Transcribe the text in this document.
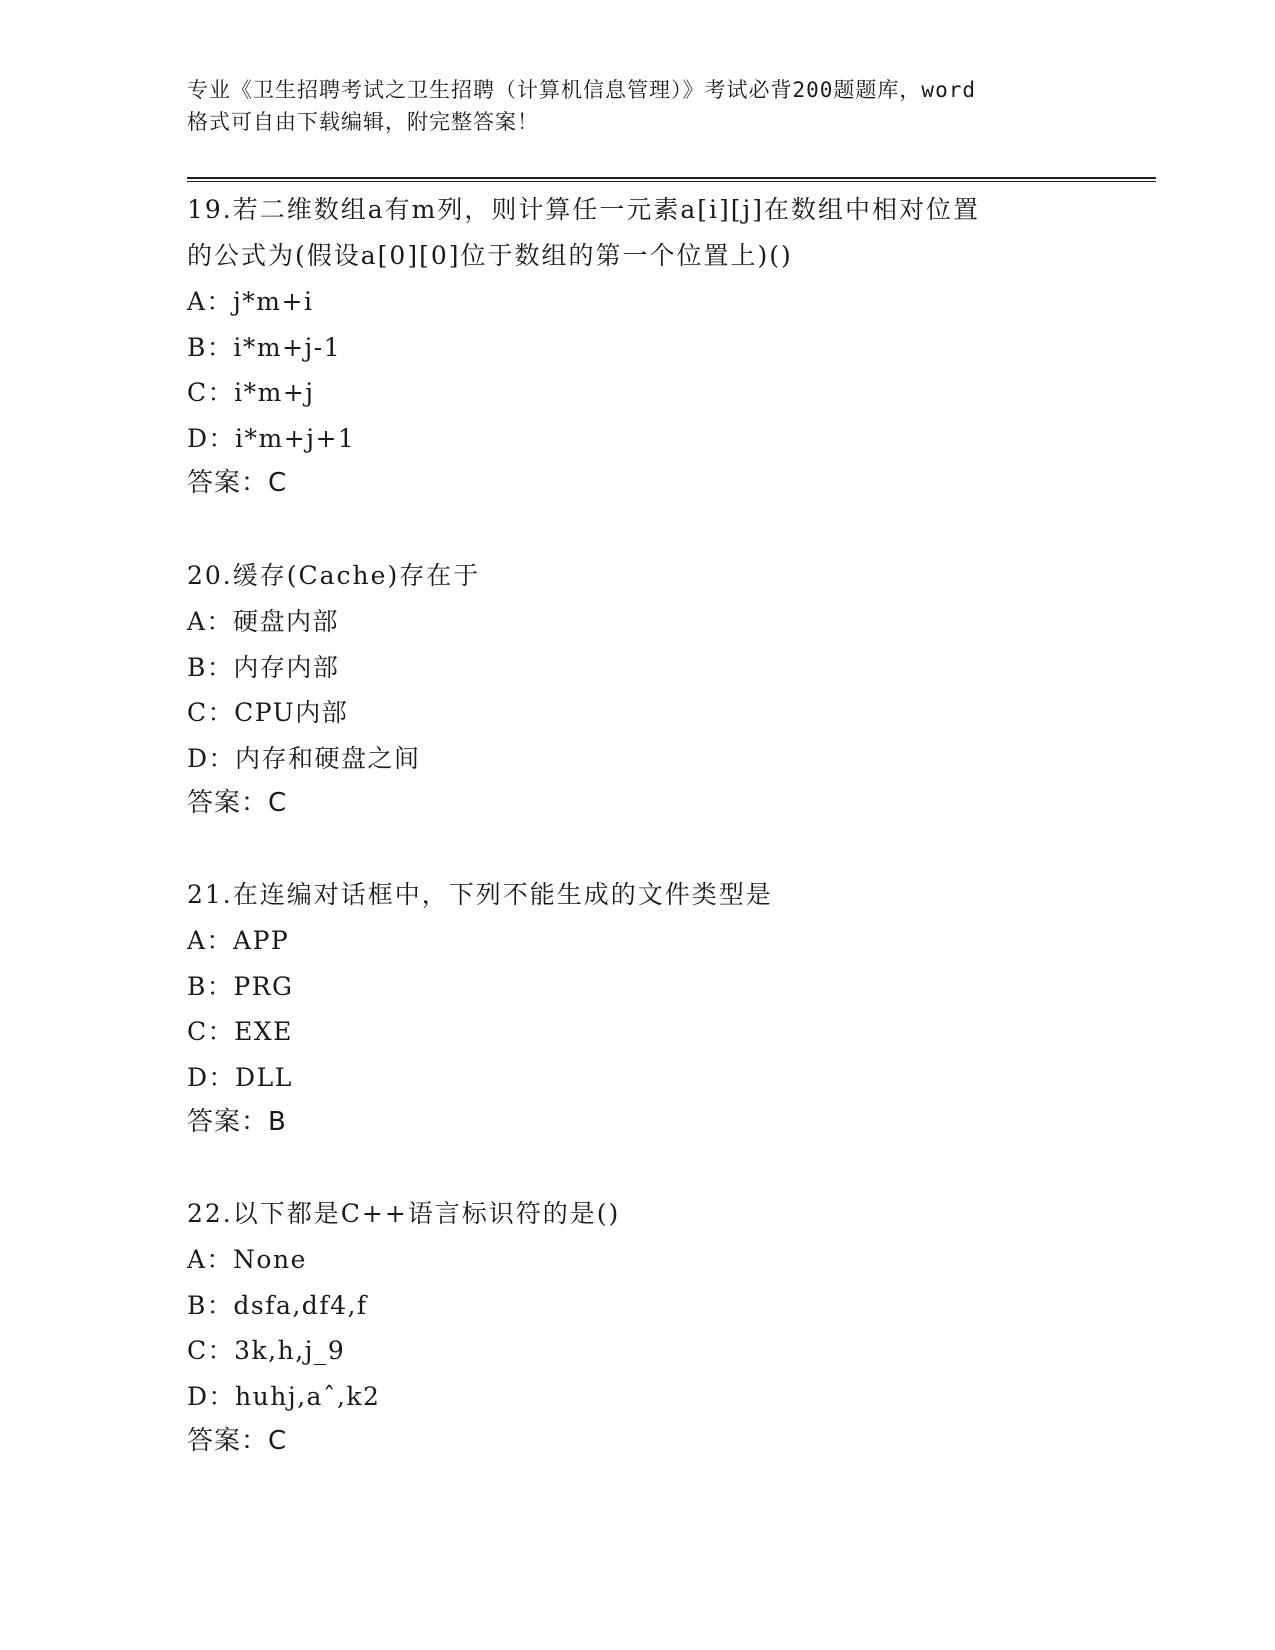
专业《卫生招聘考试之卫生招聘（计算机信息管理）》考试必背200题题库，word
格式可自由下载编辑，附完整答案！

19.若二维数组a有m列，则计算任一元素a[i][j]在数组中相对位置

的公式为(假设a[0][0]位于数组的第一个位置上)()

A：j*m+i

B：i*m+j-1

C：i*m+j

D：i*m+j+1

答案：C

20.缓存(Cache)存在于

A：硬盘内部

B：内存内部

C：CPU内部

D：内存和硬盘之间

答案：C

21.在连编对话框中，下列不能生成的文件类型是

A：APP

B：PRG

C：EXE

D：DLL

答案：B

22.以下都是C++语言标识符的是()

A：None

B：dsfa,df4,f

C：3k,h,j_9

D：huhj,aˆ,k2

答案：C
